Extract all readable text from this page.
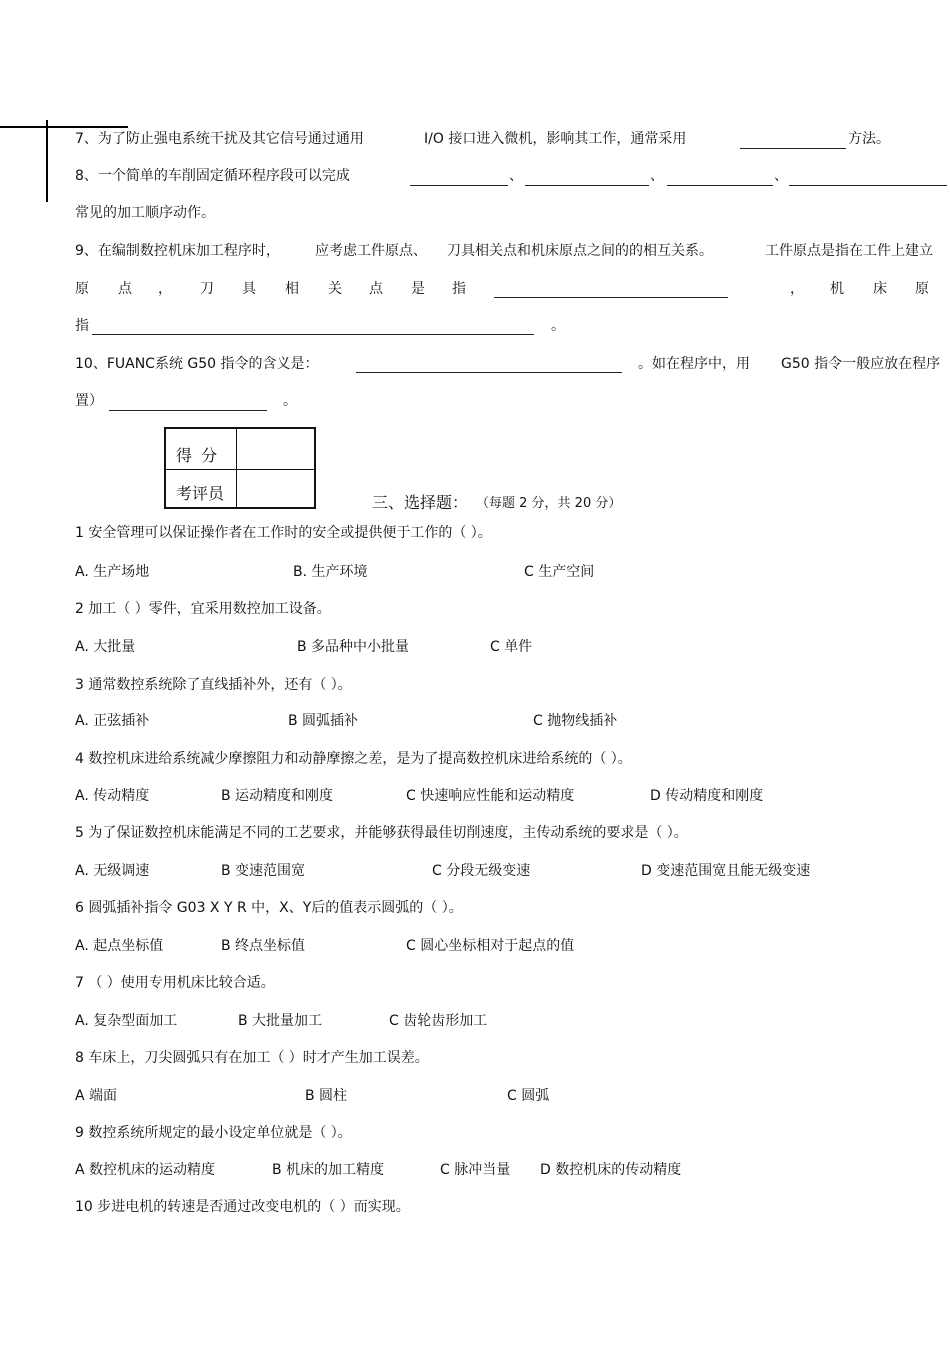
7、为了防止强电系统干扰及其它信号通过通用	I/O 接口进入微机，影响其工作，通常采用	方法。
8、一个简单的车削固定循环程序段可以完成	、	、	、
常见的加工顺序动作。
9、在编制数控机床加工程序时，	应考虑工件原点、 刀具相关点和机床原点之间的的相互关系。	工件原点是指在工件上建立
原 点 ， 刀 具 相 关 点 是 指	， 机 床 原
指	。
10、FUANC系统 G50 指令的含义是：	。如在程序中，用 G50 指令一般应放在程序
置）	。
得 分
考评员	三、选择题： （每题 2 分，共 20 分）
1 安全管理可以保证操作者在工作时的安全或提供便于工作的（ ）。
A. 生产场地	B. 生产环境	C 生产空间
2 加工（ ）零件，宜采用数控加工设备。
A. 大批量	B 多品种中小批量	C 单件
3 通常数控系统除了直线插补外，还有（ ）。
A. 正弦插补	B 圆弧插补	C 抛物线插补
4 数控机床进给系统减少摩擦阻力和动静摩擦之差，是为了提高数控机床进给系统的（ ）。
A. 传动精度	B 运动精度和刚度	C 快速响应性能和运动精度	D 传动精度和刚度
5 为了保证数控机床能满足不同的工艺要求，并能够获得最佳切削速度，主传动系统的要求是（ ）。
A. 无级调速	B 变速范围宽	C 分段无级变速	D 变速范围宽且能无级变速
6 圆弧插补指令 G03 X Y R 中，X、Y后的值表示圆弧的（ ）。
A. 起点坐标值	B 终点坐标值	C 圆心坐标相对于起点的值
7 （ ）使用专用机床比较合适。
A. 复杂型面加工	B 大批量加工	C 齿轮齿形加工
8 车床上，刀尖圆弧只有在加工（ ）时才产生加工误差。
A 端面	B 圆柱	C 圆弧
9 数控系统所规定的最小设定单位就是（ ）。
A 数控机床的运动精度	B 机床的加工精度	C 脉冲当量 D 数控机床的传动精度
10 步进电机的转速是否通过改变电机的（ ）而实现。
